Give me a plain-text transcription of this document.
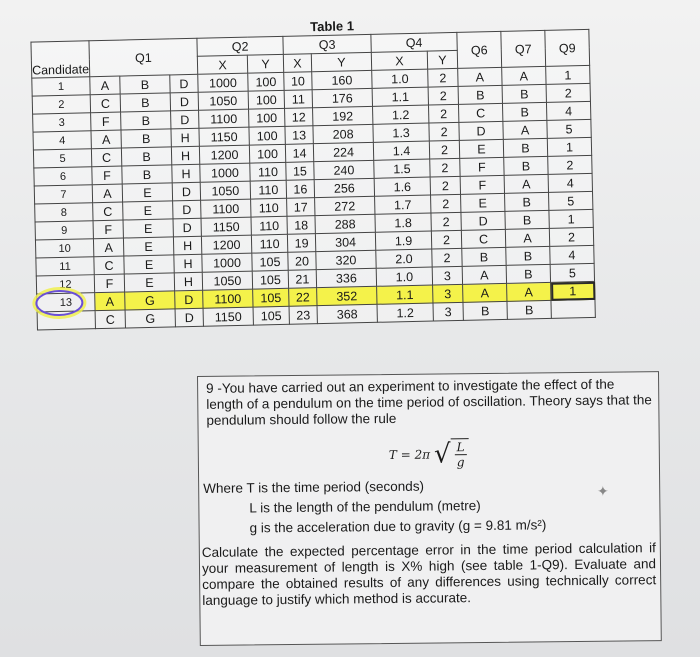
Table 1
Candidate	Q1			Q2		Q3		Q4		Q6	Q7	Q9
				X	Y	X	Y	X	Y			
1	A	B	D	1000	100	10	160	1.0	2	A	A	1
2	C	B	D	1050	100	11	176	1.1	2	B	B	2
3	F	B	D	1100	100	12	192	1.2	2	C	B	4
4	A	B	H	1150	100	13	208	1.3	2	D	A	5
5	C	B	H	1200	100	14	224	1.4	2	E	B	1
6	F	B	H	1000	110	15	240	1.5	2	F	B	2
7	A	E	D	1050	110	16	256	1.6	2	F	A	4
8	C	E	D	1100	110	17	272	1.7	2	E	B	5
9	F	E	D	1150	110	18	288	1.8	2	D	B	1
10	A	E	H	1200	110	19	304	1.9	2	C	A	2
11	C	E	H	1000	105	20	320	2.0	2	B	B	4
12	F	E	H	1050	105	21	336	1.0	3	A	B	5
13	A	G	D	1100	105	22	352	1.1	3	A	A	1
	C	G	D	1150	105	23	368	1.2	3	B	B	
9 -You have carried out an experiment to investigate the effect of the length of a pendulum on the time period of oscillation. Theory says that the pendulum should follow the rule
T = 2π √ $\frac{L}{g}$
Where T is the time period (seconds)
L is the length of the pendulum (metre)
g is the acceleration due to gravity (g = 9.81 m/s²)
Calculate the expected percentage error in the time period calculation if your measurement of length is X% high (see table 1-Q9). Evaluate and compare the obtained results of any differences using technically correct language to justify which method is accurate.
✦
